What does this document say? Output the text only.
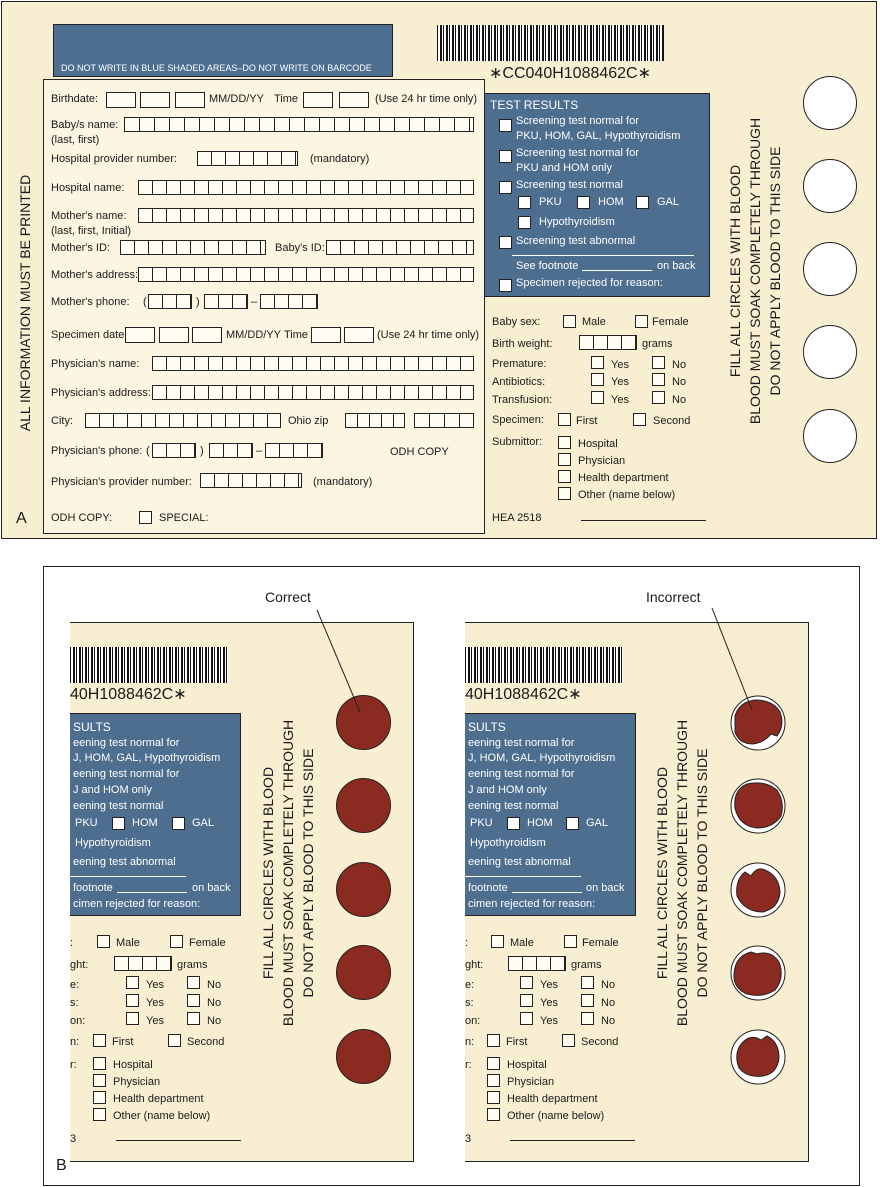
DO NOT WRITE IN BLUE SHADED AREAS–DO NOT WRITE ON BARCODE	∗CC040H1088462C∗
ALL INFORMATION MUST BE PRINTED
Birthdate:	MM/DD/YY Time	(Use 24 hr time only)
Baby/s name:
(last, first)
Hospital provider number:	(mandatory)
Hospital name:
Mother's name:
(last, first, Initial)
Mother's ID:	Baby's ID:
Mother's address:
Mother's phone: (	)	–
Specimen date	MM/DD/YY Time	(Use 24 hr time only)
Physician's name:
Physician's address:
City:	Ohio zip
Physician's phone: (	)	–	ODH COPY
Physician's provider number:	(mandatory)
ODH COPY:	SPECIAL:
A
TEST RESULTS
Screening test normal for
PKU, HOM, GAL, Hypothyroidism
Screening test normal for
PKU and HOM only
Screening test normal
PKU	HOM	GAL
Hypothyroidism
Screening test abnormal
See footnote	on back
Specimen rejected for reason:
Baby sex:	Male	Female
Birth weight:	grams
Premature:	Yes	No
Antibiotics:	Yes	No
Transfusion:	Yes	No
Specimen:	First	Second
Submittor:	Hospital
Physician
Health department
Other (name below)
HEA 2518
FILL ALL CIRCLES WITH BLOOD BLOOD MUST SOAK COMPLETELY THROUGH DO NOT APPLY BLOOD TO THIS SIDE
B
Correct	Incorrect
40H1088462C∗
SULTS
eening test normal for
J, HOM, GAL, Hypothyroidism
eening test normal for
J and HOM only
eening test normal
PKU	HOM	GAL
Hypothyroidism
eening test abnormal
footnote	on back
cimen rejected for reason:
:	Male	Female
ght:	grams
e:	Yes	No
s:	Yes	No
on:	Yes	No
n:	First	Second
r:	Hospital
Physician
Health department
Other (name below)
3
FILL ALL CIRCLES WITH BLOOD BLOOD MUST SOAK COMPLETELY THROUGH DO NOT APPLY BLOOD TO THIS SIDE
40H1088462C∗
SULTS
eening test normal for
J, HOM, GAL, Hypothyroidism
eening test normal for
J and HOM only
eening test normal
PKU	HOM	GAL
Hypothyroidism
eening test abnormal
footnote	on back
cimen rejected for reason:
:	Male	Female
ght:	grams
e:	Yes	No
s:	Yes	No
on:	Yes	No
n:	First	Second
r:	Hospital
Physician
Health department
Other (name below)
3
FILL ALL CIRCLES WITH BLOOD BLOOD MUST SOAK COMPLETELY THROUGH DO NOT APPLY BLOOD TO THIS SIDE
